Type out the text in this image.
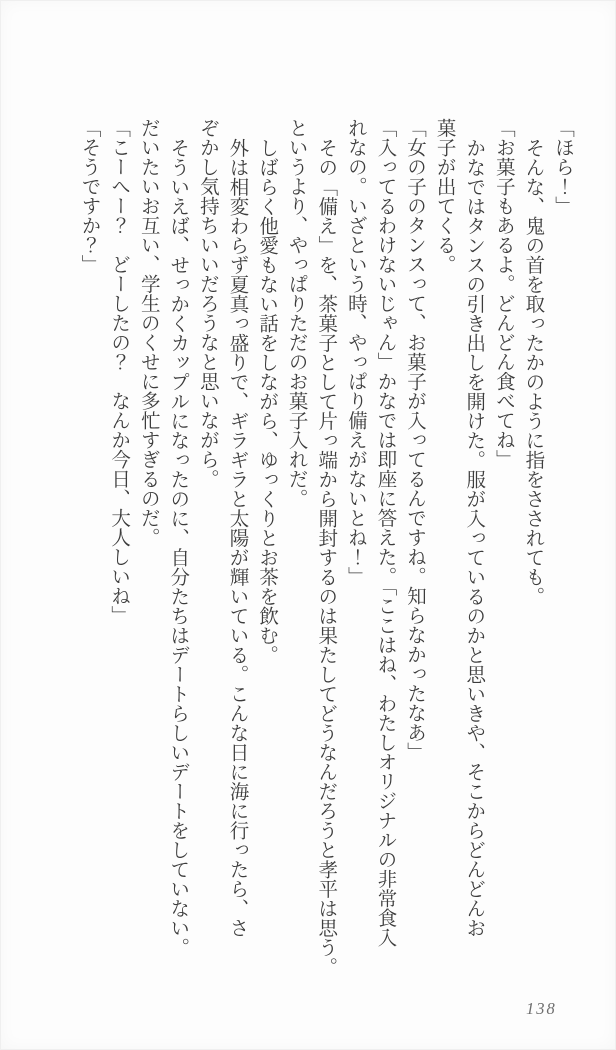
「ほら！」

そんな、鬼の首を取ったかのように指をさされても。

「お菓子もあるよ。どんどん食べてね」

かなではタンスの引き出しを開けた。服が入っているのかと思いきや、そこからどんどんお

菓子が出てくる。

「女の子のタンスって、お菓子が入ってるんですね。知らなかったなあ」

「入ってるわけないじゃん」かなでは即座に答えた。「ここはね、わたしオリジナルの非常食入

れなの。いざという時、やっぱり備えがないとね！」

その「備え」を、茶菓子として片っ端から開封するのは果たしてどうなんだろうと孝平は思う。

というより、やっぱりただのお菓子入れだ。

しばらく他愛もない話をしながら、ゆっくりとお茶を飲む。

外は相変わらず夏真っ盛りで、ギラギラと太陽が輝いている。こんな日に海に行ったら、さ

ぞかし気持ちいいだろうなと思いながら。

そういえば、せっかくカップルになったのに、自分たちはデートらしいデートをしていない。

だいたいお互い、学生のくせに多忙すぎるのだ。

「こーへー？　どーしたの？　なんか今日、大人しいね」

「そうですか？」

138
